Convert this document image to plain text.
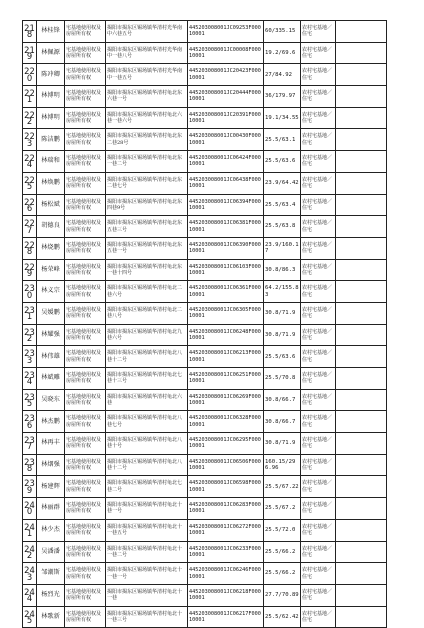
218	林桂锋	宅基地使用权及房屋所有权	揭阳市揭东区锡场镇华清村光华南中六巷五号	445203008001JC09253F00010001	60/335.15	农村宅基地／住宅	
219	林佩源	宅基地使用权及房屋所有权	揭阳市揭东区锡场镇华清村光华南中一巷八号	445203008001JC00008F00010001	19.2/69.6	农村宅基地／住宅	
220	陈冲卿	宅基地使用权及房屋所有权	揭阳市揭东区锡场镇华清村光华南中一巷五号	445203008001JC20423F00010001	27/84.92	农村宅基地／住宅	
221	林博明	宅基地使用权及房屋所有权	揭阳市揭东区锡场镇华清村龟北东六巷一号	445203008001JC20444F00010001	36/179.97	农村宅基地／住宅	
222	林博明	宅基地使用权及房屋所有权	揭阳市揭东区锡场镇华清村龟北六巷一巷六号	445203008001JC20391F00010001	19.1/34.55	农村宅基地／住宅	
223	陈洁鹏	宅基地使用权及房屋所有权	揭阳市揭东区锡场镇华清村龟北东二巷28号	445203008001JC00430F00010001	25.5/63.1	农村宅基地／住宅	
224	林瑞和	宅基地使用权及房屋所有权	揭阳市揭东区锡场镇华清村龟北东一巷二号	445203008001JC06424F00010001	25.5/63.6	农村宅基地／住宅	
225	林焕鹏	宅基地使用权及房屋所有权	揭阳市揭东区锡场镇华清村龟北东二巷七号	445203008001JC06438F00010001	23.9/64.42	农村宅基地／住宅	
226	杨松斌	宅基地使用权及房屋所有权	揭阳市揭东区锡场镇华清村龟北东四巷9号	445203008001JC06394F00010001	25.5/63.4	农村宅基地／住宅	
227	胡德良	宅基地使用权及房屋所有权	揭阳市揭东区锡场镇华清村龟北东五巷三号	445203008001JC06381F00010001	25.5/63.8	农村宅基地／住宅	
228	林烧鹏	宅基地使用权及房屋所有权	揭阳市揭东区锡场镇华清村龟北东五巷一号	445203008001JC06390F00010001	23.9/160.17	农村宅基地／住宅	
229	杨荣峰	宅基地使用权及房屋所有权	揭阳市揭东区锡场镇华清村龟北东一巷十四号	445203008001JC06103F00010001	30.8/86.3	农村宅基地／住宅	
230	林义宗	宅基地使用权及房屋所有权	揭阳市揭东区锡场镇华清村龟北二巷六号	445203008001JC06361F00010001	64.2/155.83	农村宅基地／住宅	
231	吴媛鹏	宅基地使用权及房屋所有权	揭阳市揭东区锡场镇华清村龟北二巷八号	445203008001JC06305F00010001	30.8/71.9	农村宅基地／住宅	
232	林耀强	宅基地使用权及房屋所有权	揭阳市揭东区锡场镇华清村龟北九巷六号	445203008001JC06248F00010001	30.8/71.9	农村宅基地／住宅	
233	林伟雄	宅基地使用权及房屋所有权	揭阳市揭东区锡场镇华清村龟北八巷十二号	445203008001JC06213F00010001	25.5/63.6	农村宅基地／住宅	
234	林斌雕	宅基地使用权及房屋所有权	揭阳市揭东区锡场镇华清村龟北七巷十三号	445203008001JC06251F00010001	25.5/70.8	农村宅基地／住宅	
235	吴晓东	宅基地使用权及房屋所有权	揭阳市揭东区锡场镇华清村龟北六巷	445203008001JC06269F00010001	30.8/66.7	农村宅基地／住宅	
236	林杰鹏	宅基地使用权及房屋所有权	揭阳市揭东区锡场镇华清村龟北八巷七号	445203008001JC06328F00010001	30.8/66.7	农村宅基地／住宅	
237	林再丰	宅基地使用权及房屋所有权	揭阳市揭东区锡场镇华清村龟北八巷十号	445203008001JC06295F00010001	30.8/71.9	农村宅基地／住宅	
238	林烟强	宅基地使用权及房屋所有权	揭阳市揭东区锡场镇华清村龟北八巷十二号	445203008001JC06506F00010001	160.15/296.96	农村宅基地／住宅	
239	杨建辉	宅基地使用权及房屋所有权	揭阳市揭东区锡场镇华清村龟北七巷二号	445203008001JC06598F00010001	25.5/67.22	农村宅基地／住宅	
240	林丽群	宅基地使用权及房屋所有权	揭阳市揭东区锡场镇华清村龟北十巷一号	445203008001JC06283F00010001	25.5/67.2	农村宅基地／住宅	
241	林少杰	宅基地使用权及房屋所有权	揭阳市揭东区锡场镇华清村龟北十一巷五号	445203008001JC06272F00010001	25.5/72.0	农村宅基地／住宅	
242	吴潘潘	宅基地使用权及房屋所有权	揭阳市揭东区锡场镇华清村龟北十一巷二号	445203008001JC06233F00010001	25.5/66.2	农村宅基地／住宅	
243	邹潮斯	宅基地使用权及房屋所有权	揭阳市揭东区锡场镇华清村龟北十一巷一号	445203008001JC06246F00010001	25.5/66.2	农村宅基地／住宅	
244	杨烈光	宅基地使用权及房屋所有权	揭阳市揭东区锡场镇华清村龟北十一巷	445203008001JC06218F00010001	27.7/70.89	农村宅基地／住宅	
245	林歌新	宅基地使用权及房屋所有权	揭阳市揭东区锡场镇华清村龟北十一巷三号	445203008001JC06217F00010001	25.5/62.42	农村宅基地／住宅	
